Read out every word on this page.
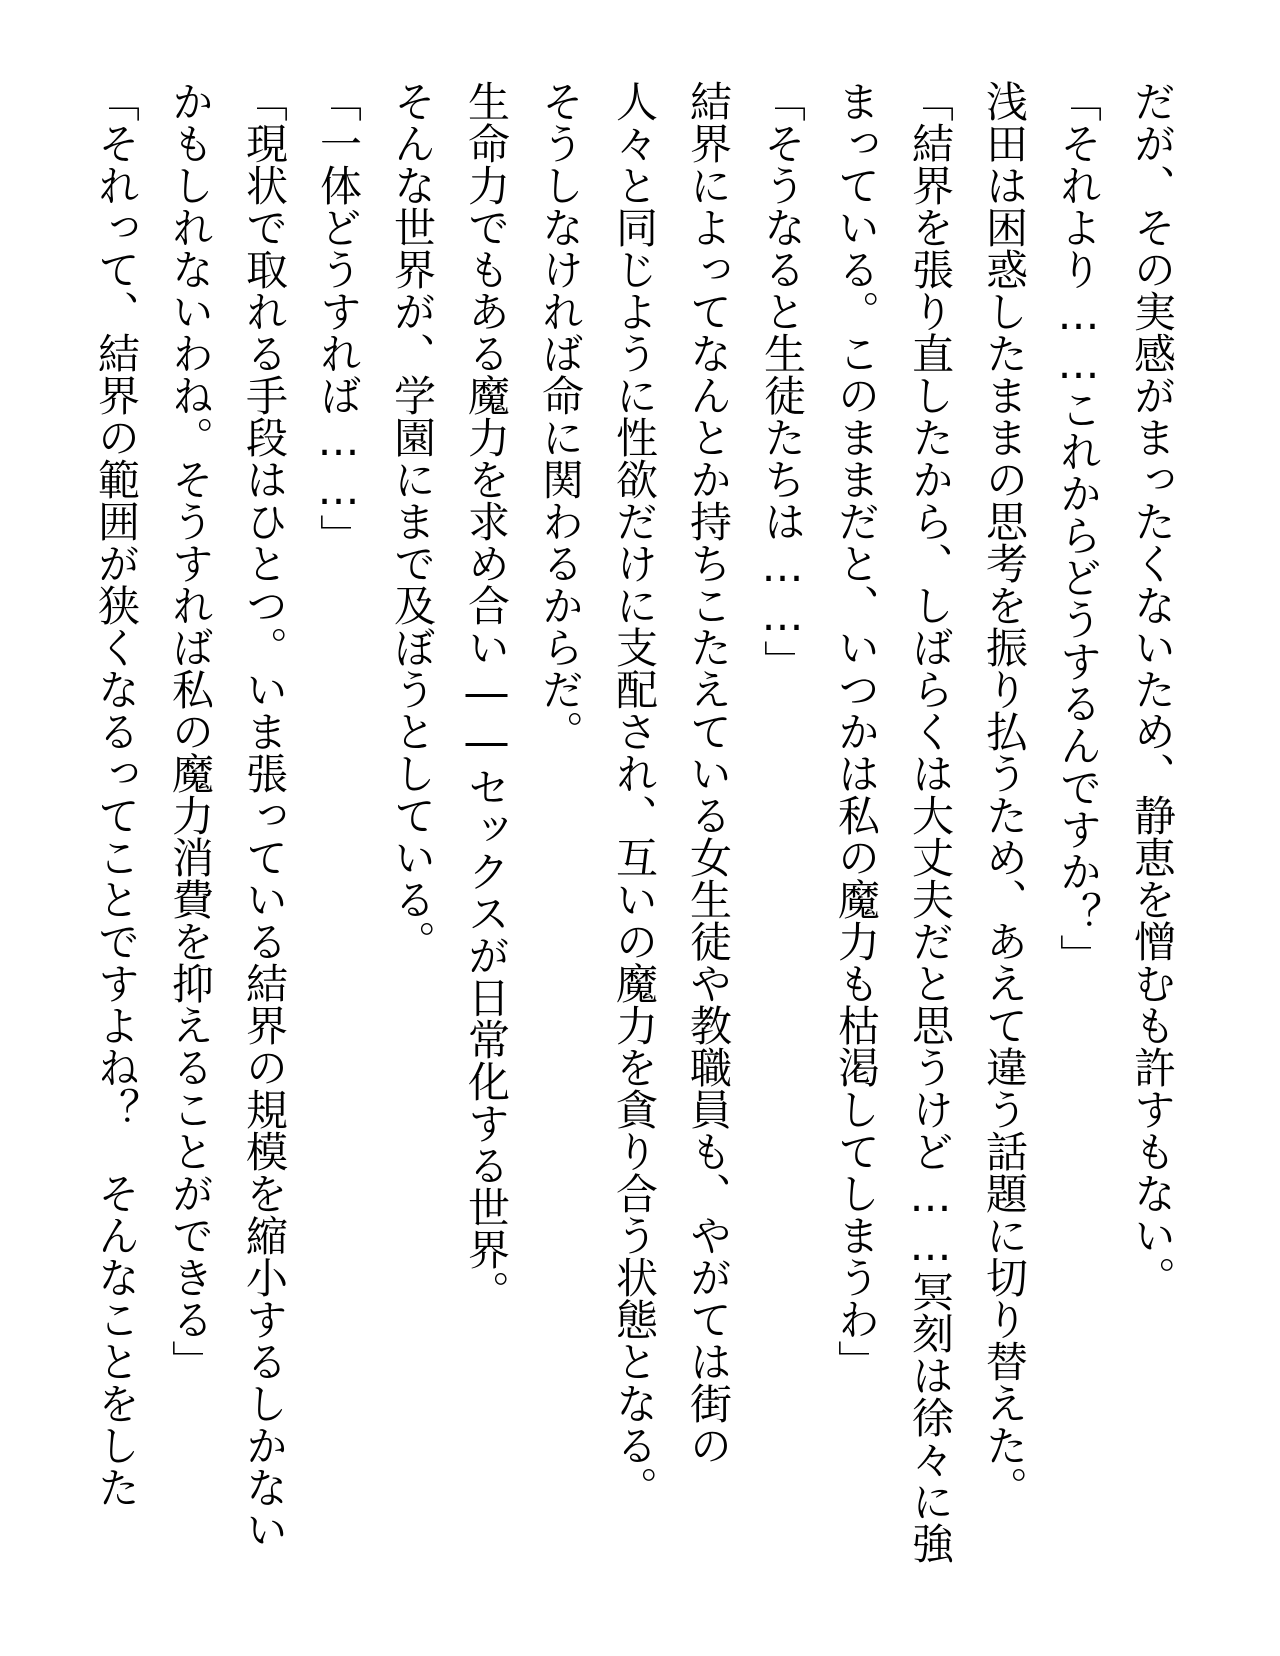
だが、その実感がまったくないため、静恵を憎むも許すもない。
「それより……これからどうするんですか？」
浅田は困惑したままの思考を振り払うため、あえて違う話題に切り替えた。
「結界を張り直したから、しばらくは大丈夫だと思うけど……冥刻は徐々に強
まっている。このままだと、いつかは私の魔力も枯渇してしまうわ」
「そうなると生徒たちは……」
結界によってなんとか持ちこたえている女生徒や教職員も、やがては街の
人々と同じように性欲だけに支配され、互いの魔力を貪り合う状態となる。
そうしなければ命に関わるからだ。
生命力でもある魔力を求め合い――セックスが日常化する世界。
そんな世界が、学園にまで及ぼうとしている。
「一体どうすれば……」
「現状で取れる手段はひとつ。いま張っている結界の規模を縮小するしかない
かもしれないわね。そうすれば私の魔力消費を抑えることができる」
「それって、結界の範囲が狭くなるってことですよね？　そんなことをした
